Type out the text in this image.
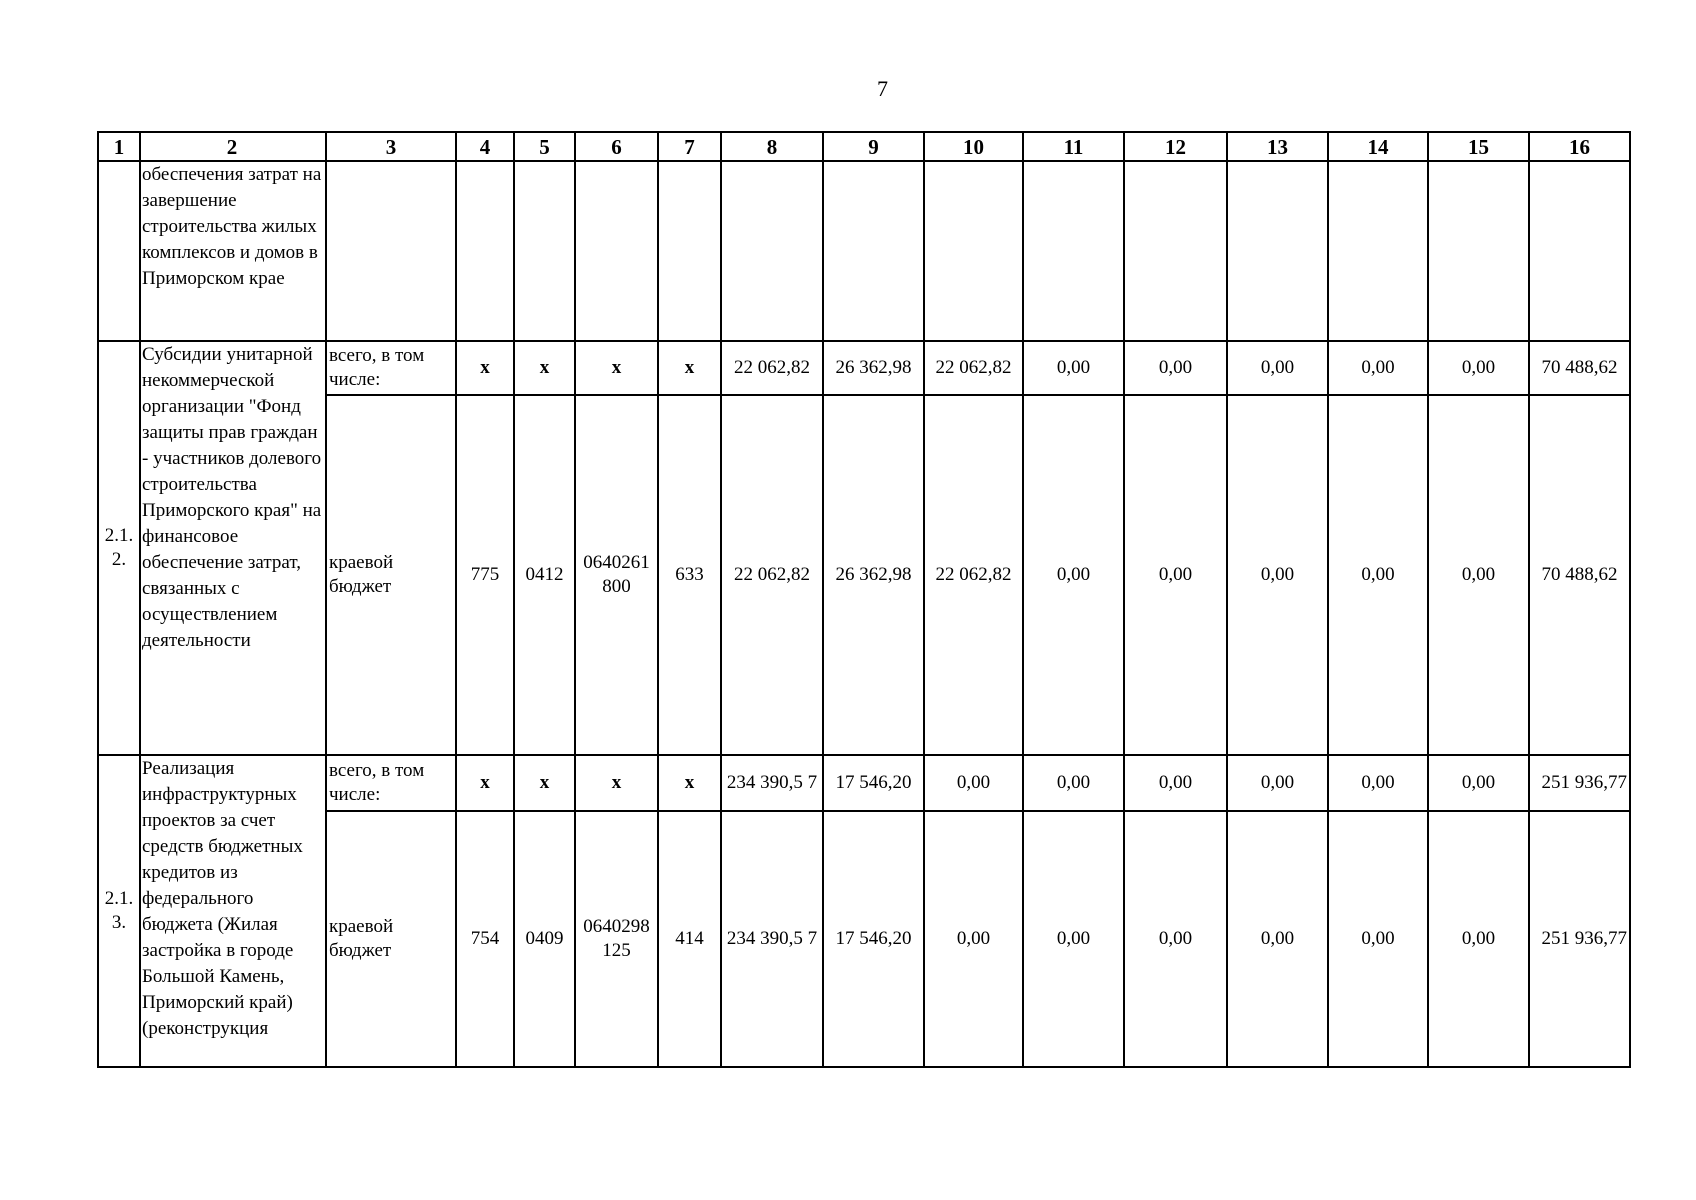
7
1	2	3	4	5	6	7	8	9	10	11	12	13	14	15	16
	обеспечения затрат на завершение строительства жилых комплексов и домов в Приморском крае														
2.1. 2.	Субсидии унитарной некоммерческой организации "Фонд защиты прав граждан - участников долевого строительства Приморского края" на финансовое обеспечение затрат, связанных с осуществлением деятельности	всего, в том числе:	x	x	x	x	22 062,82	26 362,98	22 062,82	0,00	0,00	0,00	0,00	0,00	70 488,62
		краевой бюджет	775	0412	0640261 800	633	22 062,82	26 362,98	22 062,82	0,00	0,00	0,00	0,00	0,00	70 488,62
2.1. 3.	Реализация инфраструктурных проектов за счет средств бюджетных кредитов из федерального бюджета (Жилая застройка в городе Большой Камень, Приморский край) (реконструкция	всего, в том числе:	x	x	x	x	234 390,5 7	17 546,20	0,00	0,00	0,00	0,00	0,00	0,00	251 936,77
		краевой бюджет	754	0409	0640298 125	414	234 390,5 7	17 546,20	0,00	0,00	0,00	0,00	0,00	0,00	251 936,77
